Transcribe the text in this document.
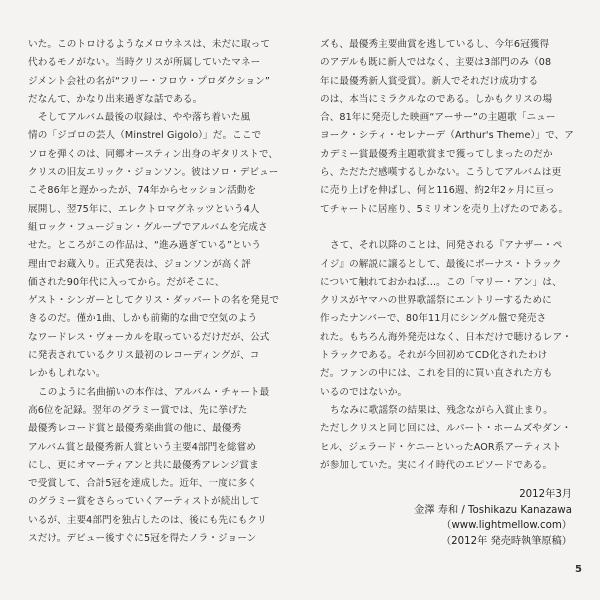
いた。このトロけるようなメロウネスは、未だに取って
代わるモノがない。当時クリスが所属していたマネー
ジメント会社の名が“フリー・フロウ・プロダクション”
だなんて、かなり出来過ぎな話である。
そしてアルバム最後の収録は、やや落ち着いた風
情の「ジゴロの芸人（Minstrel Gigolo）」だ。ここで
ソロを弾くのは、同郷オースティン出身のギタリストで、
クリスの旧友エリック・ジョンソン。彼はソロ・デビュー
こそ86年と遅かったが、74年からセッション活動を
展開し、翌75年に、エレクトロマグネッツという4人
組ロック・フュージョン・グループでアルバムを完成さ
せた。ところがこの作品は、“進み過ぎている”という
理由でお蔵入り。正式発表は、ジョンソンが高く評
価された90年代に入ってから。だがそこに、
ゲスト・シンガーとしてクリス・ダッパートの名を発見で
きるのだ。僅か1曲、しかも前衛的な曲で空気のよう
なワードレス・ヴォーカルを取っているだけだが、公式
に発表されているクリス最初のレコーディングが、コ
レかもしれない。
このように名曲揃いの本作は、アルバム・チャート最
高6位を記録。翌年のグラミー賞では、先に挙げた
最優秀レコード賞と最優秀楽曲賞の他に、最優秀
アルバム賞と最優秀新人賞という主要4部門を総嘗め
にし、更にオマーティアンと共に最優秀アレンジ賞ま
で受賞して、合計5冠を達成した。近年、一度に多く
のグラミー賞をさらっていくアーティストが続出して
いるが、主要4部門を独占したのは、後にも先にもクリ
スだけ。デビュー後すぐに5冠を得たノラ・ジョーン
ズも、最優秀主要曲賞を逃しているし、今年6冠獲得
のアデルも既に新人ではなく、主要は3部門のみ（08
年に最優秀新人賞受賞）。新人でそれだけ成功する
のは、本当にミラクルなのである。しかもクリスの場
合、81年に発売した映画“アーサー”の主題歌「ニュー
ヨーク・シティ・セレナーデ（Arthur's Theme）」で、ア
カデミー賞最優秀主題歌賞まで獲ってしまったのだか
ら、ただただ感嘆するしかない。こうしてアルバムは更
に売り上げを伸ばし、何と116週、約2年2ヶ月に亘っ
てチャートに居座り、5ミリオンを売り上げたのである。
さて、それ以降のことは、同発される『アナザー・ペ
イジ』の解説に譲るとして、最後にボーナス・トラック
について触れておかねば…。この「マリー・アン」は、
クリスがヤマハの世界歌謡祭にエントリーするために
作ったナンバーで、80年11月にシングル盤で発売さ
れた。もちろん海外発売はなく、日本だけで聴けるレア・
トラックである。それが今回初めてCD化されたわけ
だ。ファンの中には、これを目的に買い直された方も
いるのではないか。
ちなみに歌謡祭の結果は、残念ながら入賞止まり。
ただしクリスと同じ回には、ルパート・ホームズやダン・
ヒル、ジェラード・ケニーといったAOR系アーティスト
が参加していた。実にイイ時代のエピソードである。
2012年3月
金澤 寿和 / Toshikazu Kanazawa
（www.lightmellow.com）
（2012年 発売時執筆原稿）
5
